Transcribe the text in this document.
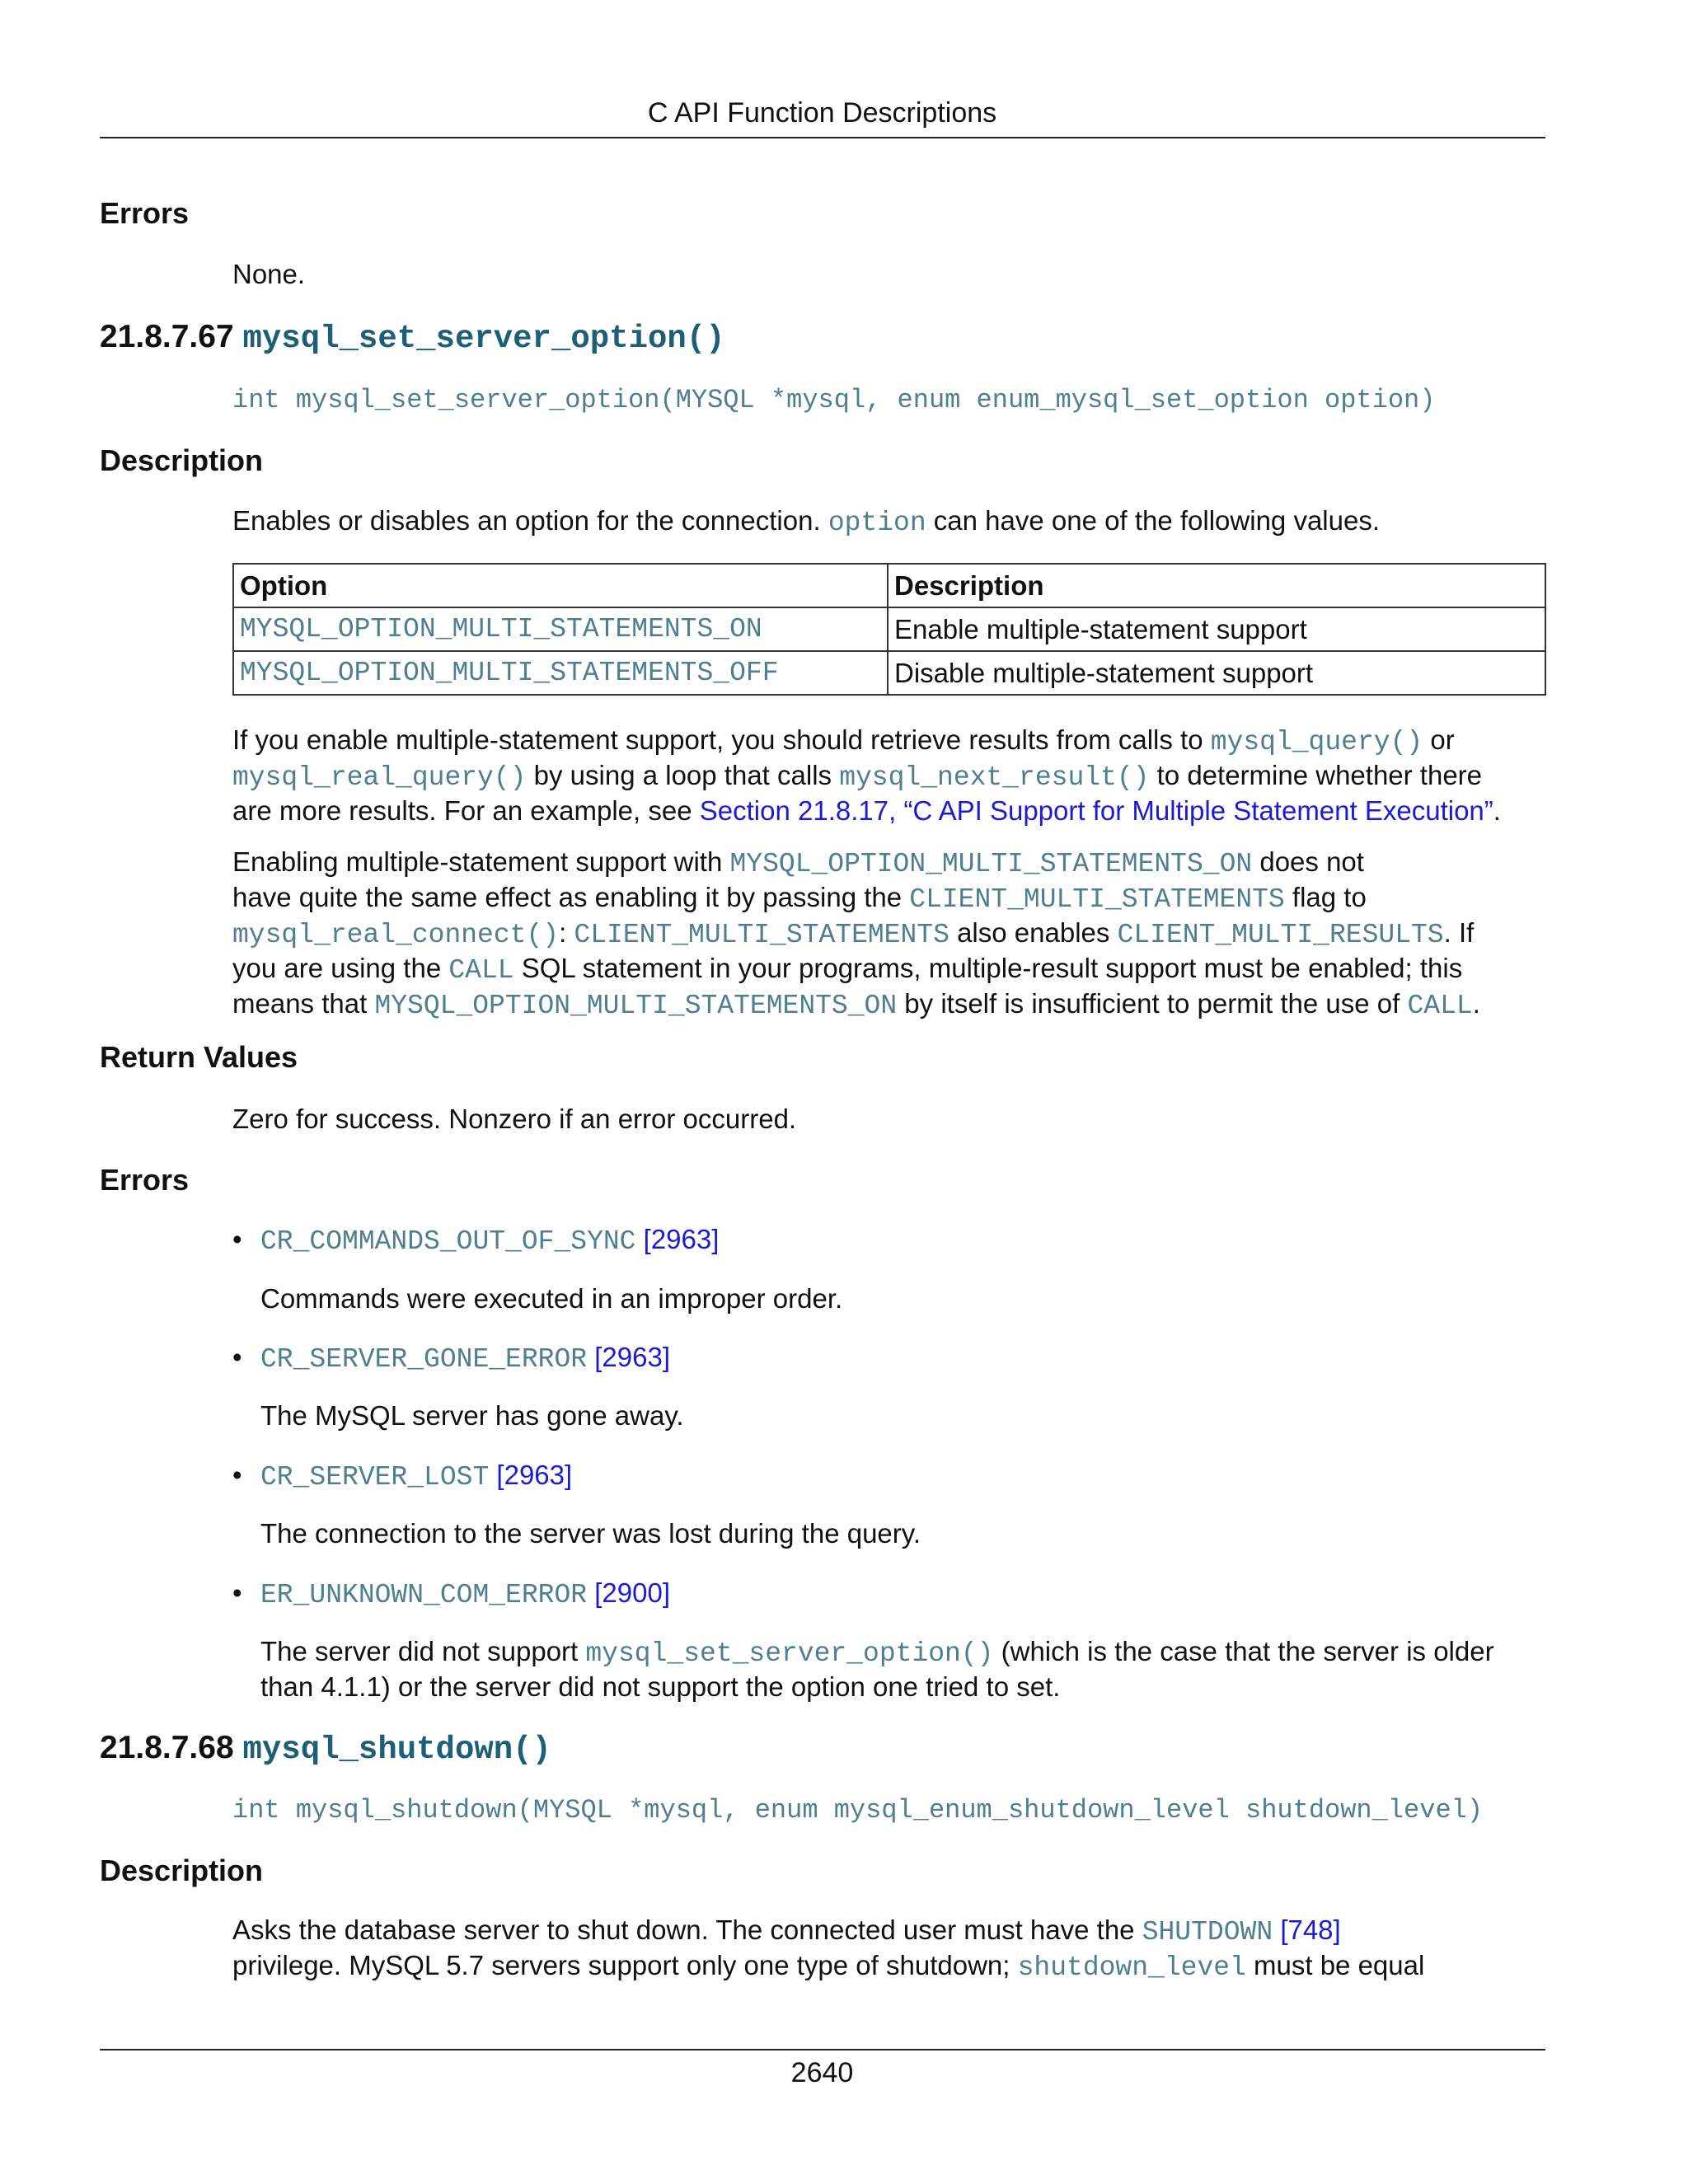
C API Function Descriptions
Errors
None.
21.8.7.67 mysql_set_server_option()
int mysql_set_server_option(MYSQL *mysql, enum enum_mysql_set_option option)
Description
Enables or disables an option for the connection. option can have one of the following values.
Option	Description
MYSQL_OPTION_MULTI_STATEMENTS_ON	Enable multiple-statement support
MYSQL_OPTION_MULTI_STATEMENTS_OFF	Disable multiple-statement support
If you enable multiple-statement support, you should retrieve results from calls to mysql_query() or
mysql_real_query() by using a loop that calls mysql_next_result() to determine whether there
are more results. For an example, see Section 21.8.17, “C API Support for Multiple Statement Execution”.
Enabling multiple-statement support with MYSQL_OPTION_MULTI_STATEMENTS_ON does not
have quite the same effect as enabling it by passing the CLIENT_MULTI_STATEMENTS flag to
mysql_real_connect(): CLIENT_MULTI_STATEMENTS also enables CLIENT_MULTI_RESULTS. If
you are using the CALL SQL statement in your programs, multiple-result support must be enabled; this
means that MYSQL_OPTION_MULTI_STATEMENTS_ON by itself is insufficient to permit the use of CALL.
Return Values
Zero for success. Nonzero if an error occurred.
Errors
• CR_COMMANDS_OUT_OF_SYNC [2963]
Commands were executed in an improper order.
• CR_SERVER_GONE_ERROR [2963]
The MySQL server has gone away.
• CR_SERVER_LOST [2963]
The connection to the server was lost during the query.
• ER_UNKNOWN_COM_ERROR [2900]
The server did not support mysql_set_server_option() (which is the case that the server is older
than 4.1.1) or the server did not support the option one tried to set.
21.8.7.68 mysql_shutdown()
int mysql_shutdown(MYSQL *mysql, enum mysql_enum_shutdown_level shutdown_level)
Description
Asks the database server to shut down. The connected user must have the SHUTDOWN [748]
privilege. MySQL 5.7 servers support only one type of shutdown; shutdown_level must be equal
2640
